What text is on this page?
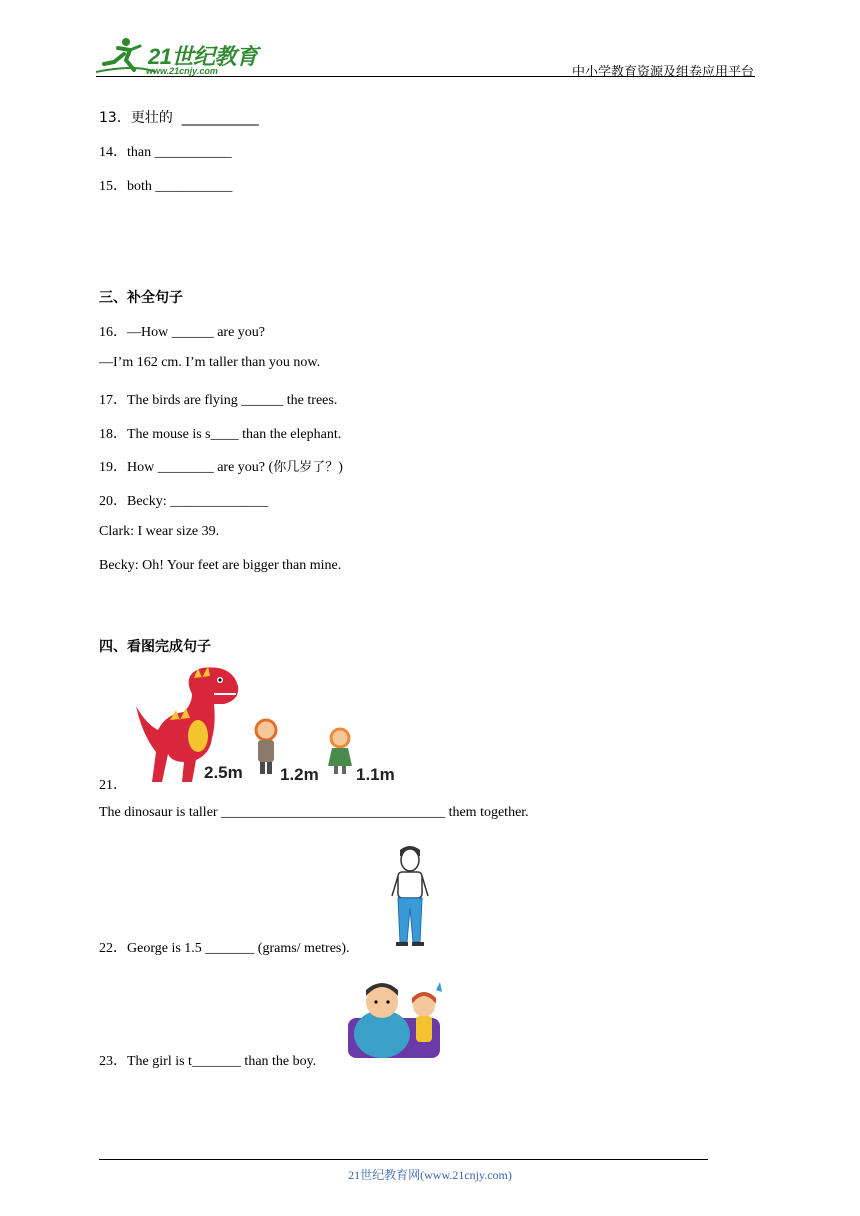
21世纪教育
www.21cnjy.com	中小学教育资源及组卷应用平台
13．更壮的  ___________
14．than ___________
15．both ___________
三、补全句子
16．—How ______ are you?
—I’m 162 cm. I’m taller than you now.
17．The birds are flying ______ the trees.
18．The mouse is s____ than the elephant.
19．How ________ are you? (你几岁了？)
20．Becky: ______________
Clark: I wear size 39.
Becky: Oh! Your feet are bigger than mine.
四、看图完成句子
2.5m 1.2m 1.1m
21．
The dinosaur is taller ________________________________ them together.
22．George is 1.5 _______ (grams/ metres).
23．The girl is t_______ than the boy.
21世纪教育网(www.21cnjy.com)
